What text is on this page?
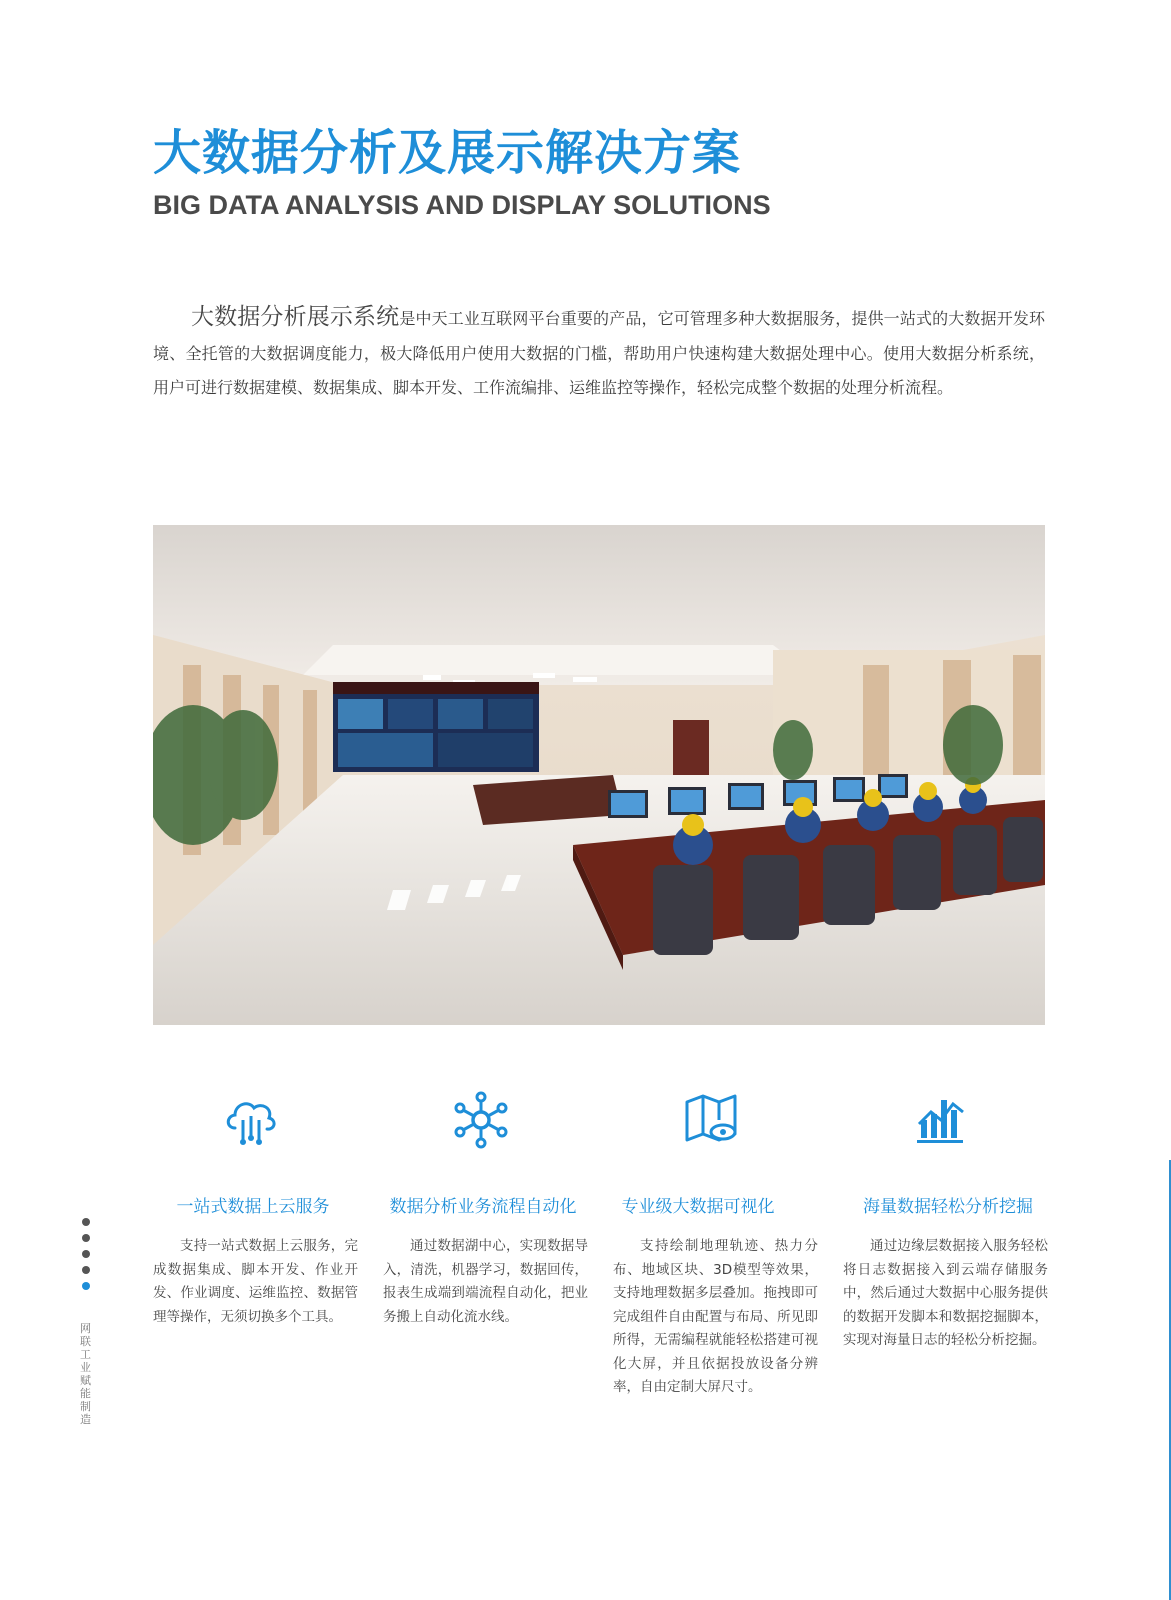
大数据分析及展示解决方案
BIG DATA ANALYSIS AND DISPLAY SOLUTIONS

大数据分析展示系统是中天工业互联网平台重要的产品，它可管理多种大数据服务，提供一站式的大数据开发环境、全托管的大数据调度能力，极大降低用户使用大数据的门槛，帮助用户快速构建大数据处理中心。使用大数据分析系统，用户可进行数据建模、数据集成、脚本开发、工作流编排、运维监控等操作，轻松完成整个数据的处理分析流程。

一站式数据上云服务

支持一站式数据上云服务，完成数据集成、脚本开发、作业开发、作业调度、运维监控、数据管理等操作，无须切换多个工具。

数据分析业务流程自动化

通过数据湖中心，实现数据导入，清洗，机器学习，数据回传，报表生成端到端流程自动化，把业务搬上自动化流水线。

专业级大数据可视化

支持绘制地理轨迹、热力分布、地域区块、3D模型等效果，支持地理数据多层叠加。拖拽即可完成组件自由配置与布局、所见即所得，无需编程就能轻松搭建可视化大屏，并且依据投放设备分辨率，自由定制大屏尺寸。

海量数据轻松分析挖掘

通过边缘层数据接入服务轻松将日志数据接入到云端存储服务中，然后通过大数据中心服务提供的数据开发脚本和数据挖掘脚本，实现对海量日志的轻松分析挖掘。

网联工业 赋能制造
